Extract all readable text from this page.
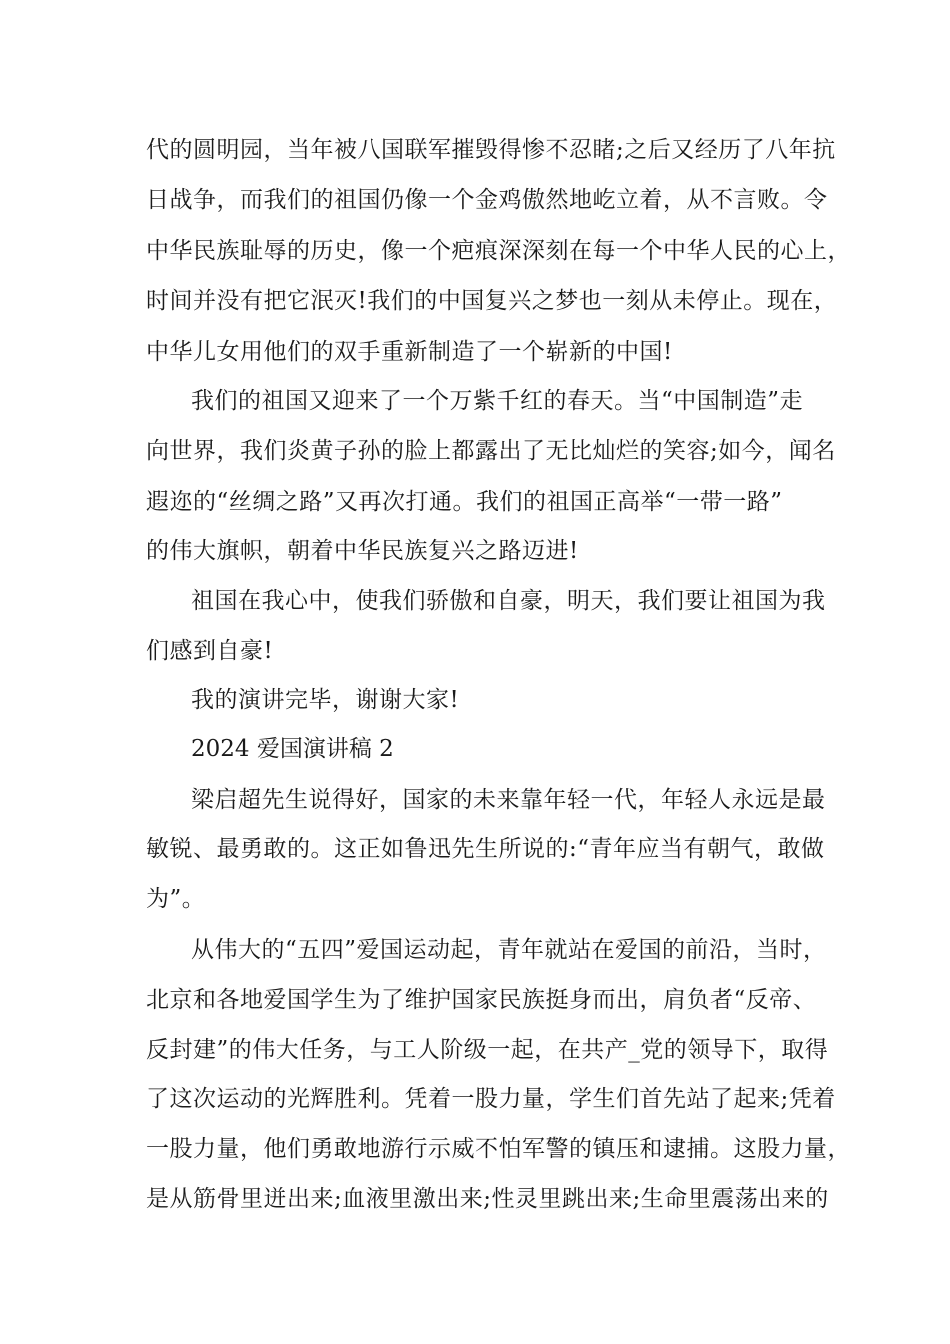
代的圆明园，当年被八国联军摧毁得惨不忍睹;之后又经历了八年抗
日战争，而我们的祖国仍像一个金鸡傲然地屹立着，从不言败。令
中华民族耻辱的历史，像一个疤痕深深刻在每一个中华人民的心上，
时间并没有把它泯灭!我们的中国复兴之梦也一刻从未停止。现在，
中华儿女用他们的双手重新制造了一个崭新的中国!
我们的祖国又迎来了一个万紫千红的春天。当“中国制造”走
向世界，我们炎黄子孙的脸上都露出了无比灿烂的笑容;如今，闻名
遐迩的“丝绸之路”又再次打通。我们的祖国正高举“一带一路”
的伟大旗帜，朝着中华民族复兴之路迈进!
祖国在我心中，使我们骄傲和自豪，明天，我们要让祖国为我
们感到自豪!
我的演讲完毕，谢谢大家!
2024 爱国演讲稿 2
梁启超先生说得好，国家的未来靠年轻一代，年轻人永远是最
敏锐、最勇敢的。这正如鲁迅先生所说的:“青年应当有朝气，敢做
为”。
从伟大的“五四”爱国运动起，青年就站在爱国的前沿，当时，
北京和各地爱国学生为了维护国家民族挺身而出，肩负者“反帝、
反封建”的伟大任务，与工人阶级一起，在共产_党的领导下，取得
了这次运动的光辉胜利。凭着一股力量，学生们首先站了起来;凭着
一股力量，他们勇敢地游行示威不怕军警的镇压和逮捕。这股力量，
是从筋骨里迸出来;血液里激出来;性灵里跳出来;生命里震荡出来的
